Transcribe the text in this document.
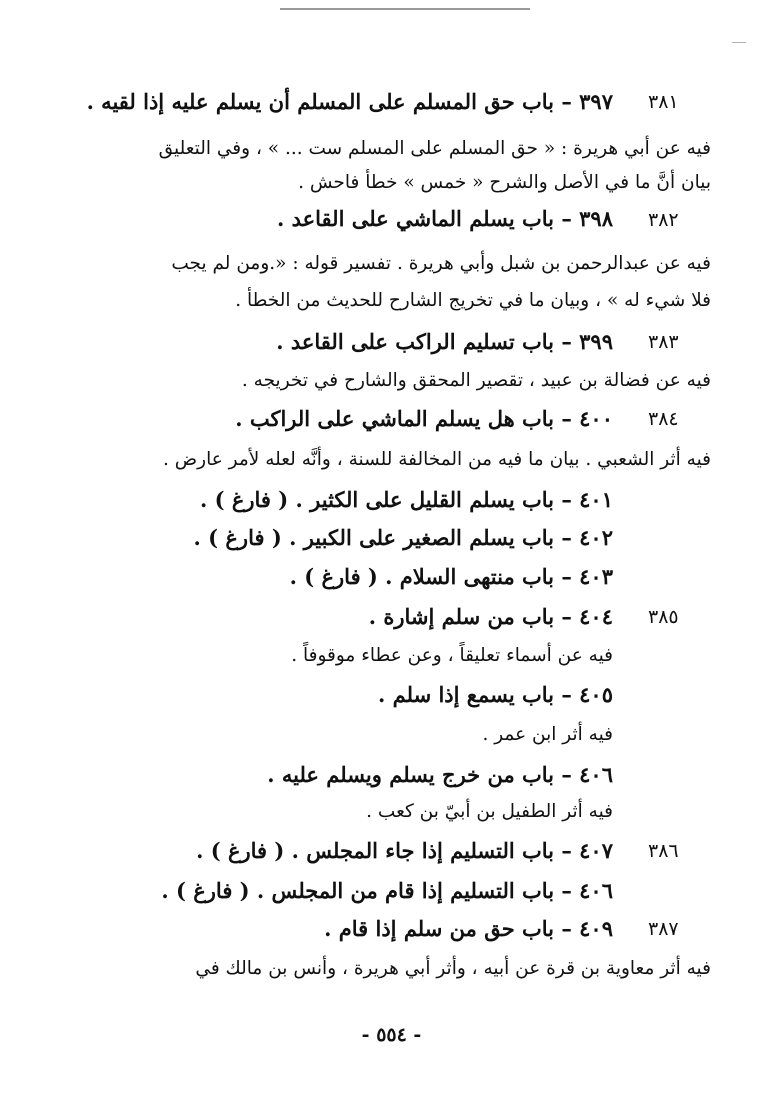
٣٨١
٣٩٧ – باب حق المسلم على المسلم أن يسلم عليه إذا لقيه .
فيه عن أبي هريرة : « حق المسلم على المسلم ست ... » ، وفي التعليق
بيان أنَّ ما في الأصل والشرح « خمس » خطأ فاحش .
٣٨٢
٣٩٨ – باب يسلم الماشي على القاعد .
فيه عن عبدالرحمن بن شبل وأبي هريرة . تفسير قوله : «.ومن لم يجب
فلا شيء له » ، وبيان ما في تخريج الشارح للحديث من الخطأ .
٣٨٣
٣٩٩ – باب تسليم الراكب على القاعد .
فيه عن فضالة بن عبيد ، تقصير المحقق والشارح في تخريجه .
٣٨٤
٤٠٠ – باب هل يسلم الماشي على الراكب .
فيه أثر الشعبي . بيان ما فيه من المخالفة للسنة ، وأنَّه لعله لأمر عارض .
٤٠١ – باب يسلم القليل على الكثير . ( فارغ ) .
٤٠٢ – باب يسلم الصغير على الكبير . ( فارغ ) .
٤٠٣ – باب منتهى السلام . ( فارغ ) .
٣٨٥
٤٠٤ – باب من سلم إشارة .
فيه عن أسماء تعليقاً ، وعن عطاء موقوفاً .
٤٠٥ – باب يسمع إذا سلم .
فيه أثر ابن عمر .
٤٠٦ – باب من خرج يسلم ويسلم عليه .
فيه أثر الطفيل بن أبيّ بن كعب .
٣٨٦
٤٠٧ – باب التسليم إذا جاء المجلس . ( فارغ ) .
٤٠٦ – باب التسليم إذا قام من المجلس . ( فارغ ) .
٣٨٧
٤٠٩ – باب حق من سلم إذا قام .
فيه أثر معاوية بن قرة عن أبيه ، وأثر أبي هريرة ، وأنس بن مالك في
- ٥٥٤ -
